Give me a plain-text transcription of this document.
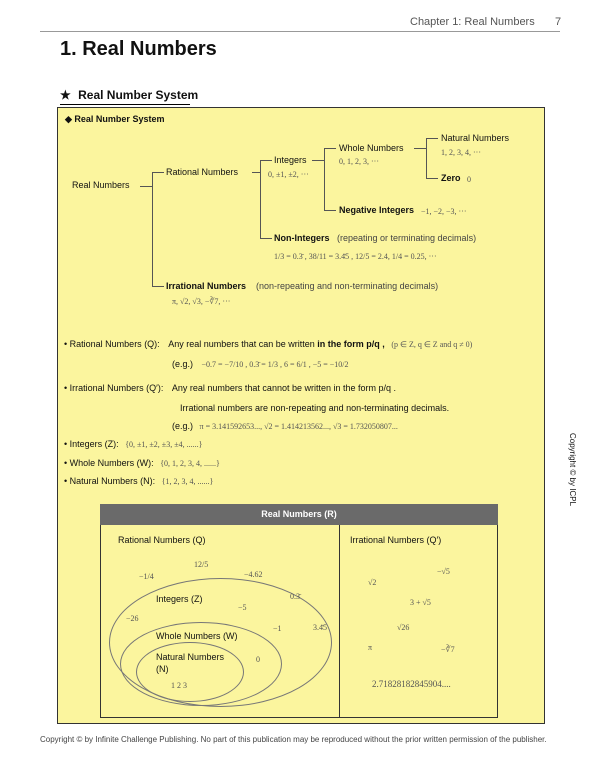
Chapter 1: Real Numbers 7
1. Real Numbers
★ Real Number System
◆ Real Number System
Real Numbers
Rational Numbers
Integers
0, ±1, ±2, ···
Whole Numbers
0, 1, 2, 3, ···
Natural Numbers
1, 2, 3, 4, ···
Zero 0
Negative Integers −1, −2, −3, ···
Non-Integers (repeating or terminating decimals)
1/3 = 0.3̄ , 38/11 = 3.4̄5 , 12/5 = 2.4, 1/4 = 0.25, ···
Irrational Numbers (non-repeating and non-terminating decimals)
π, √2, √3, −∛7, ···
• Rational Numbers (Q): Any real numbers that can be written in the form p/q , (p ∈ Z, q ∈ Z and q ≠ 0)
(e.g.) −0.7 = −7/10 , 0.3̄ = 1/3 , 6 = 6/1 , −5 = −10/2
• Irrational Numbers (Q′): Any real numbers that cannot be written in the form p/q .
Irrational numbers are non-repeating and non-terminating decimals.
(e.g.) π = 3.141592653..., √2 = 1.414213562..., √3 = 1.732050807...
• Integers (Z): {0, ±1, ±2, ±3, ±4, ......}
• Whole Numbers (W): {0, 1, 2, 3, 4, ......}
• Natural Numbers (N): {1, 2, 3, 4, ......}	Copyright © by ICPL
Real Numbers (R)
Rational Numbers (Q)	Irrational Numbers (Q′)
Integers (Z)
Whole Numbers (W)
Natural Numbers (N)
−1/4
12/5
−4.62
0.3̄
−5
−26
−1	3.4̄5
0
1 2 3
√2
−√5
3 + √5
√26
π	−∛7
2.71828182845904....
Copyright © by Infinite Challenge Publishing. No part of this publication may be reproduced without the prior written permission of the publisher.
